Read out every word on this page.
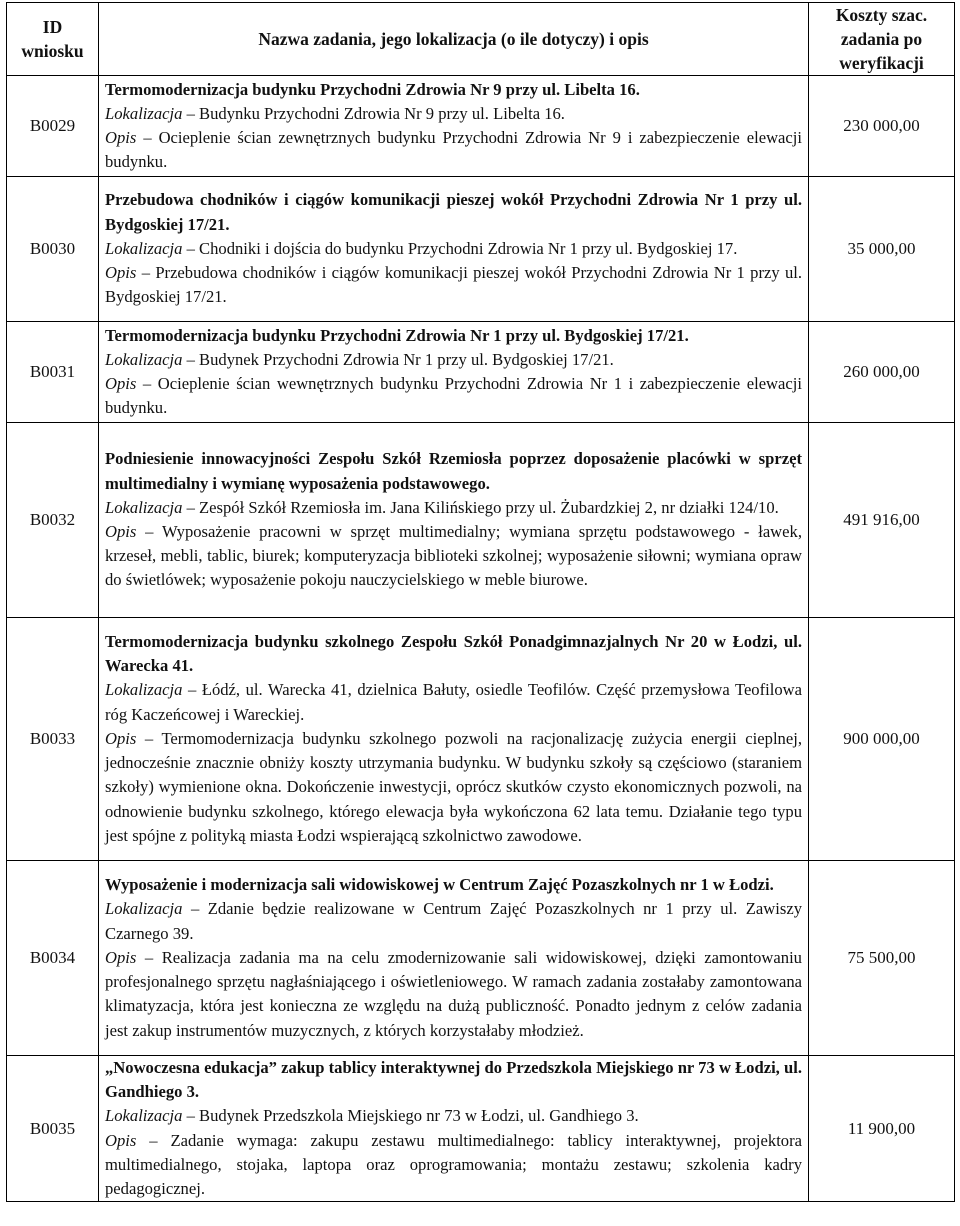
ID wniosku	Nazwa zadania, jego lokalizacja (o ile dotyczy) i opis	Koszty szac. zadania po weryfikacji
B0029	Termomodernizacja budynku Przychodni Zdrowia Nr 9 przy ul. Libelta 16.
Lokalizacja – Budynku Przychodni Zdrowia Nr 9 przy ul. Libelta 16.
Opis – Ocieplenie ścian zewnętrznych budynku Przychodni Zdrowia Nr 9 i zabezpieczenie elewacji budynku.	230 000,00
B0030	Przebudowa chodników i ciągów komunikacji pieszej wokół Przychodni Zdrowia Nr 1 przy ul. Bydgoskiej 17/21.
Lokalizacja – Chodniki i dojścia do budynku Przychodni Zdrowia Nr 1 przy ul. Bydgoskiej 17.
Opis – Przebudowa chodników i ciągów komunikacji pieszej wokół Przychodni Zdrowia Nr 1 przy ul. Bydgoskiej 17/21.	35 000,00
B0031	Termomodernizacja budynku Przychodni Zdrowia Nr 1 przy ul. Bydgoskiej 17/21.
Lokalizacja – Budynek Przychodni Zdrowia Nr 1 przy ul. Bydgoskiej 17/21.
Opis – Ocieplenie ścian wewnętrznych budynku Przychodni Zdrowia Nr 1 i zabezpieczenie elewacji budynku.	260 000,00
B0032	Podniesienie innowacyjności Zespołu Szkół Rzemiosła poprzez doposażenie placówki w sprzęt multimedialny i wymianę wyposażenia podstawowego.
Lokalizacja – Zespół Szkół Rzemiosła im. Jana Kilińskiego przy ul. Żubardzkiej 2, nr działki 124/10.
Opis – Wyposażenie pracowni w sprzęt multimedialny; wymiana sprzętu podstawowego - ławek, krzeseł, mebli, tablic, biurek; komputeryzacja biblioteki szkolnej; wyposażenie siłowni; wymiana opraw do świetlówek; wyposażenie pokoju nauczycielskiego w meble biurowe.	491 916,00
B0033	Termomodernizacja budynku szkolnego Zespołu Szkół Ponadgimnazjalnych Nr 20 w Łodzi, ul. Warecka 41.
Lokalizacja – Łódź, ul. Warecka 41, dzielnica Bałuty, osiedle Teofilów. Część przemysłowa Teofilowa róg Kaczeńcowej i Wareckiej.
Opis – Termomodernizacja budynku szkolnego pozwoli na racjonalizację zużycia energii cieplnej, jednocześnie znacznie obniży koszty utrzymania budynku. W budynku szkoły są częściowo (staraniem szkoły) wymienione okna. Dokończenie inwestycji, oprócz skutków czysto ekonomicznych pozwoli, na odnowienie budynku szkolnego, którego elewacja była wykończona 62 lata temu. Działanie tego typu jest spójne z polityką miasta Łodzi wspierającą szkolnictwo zawodowe.	900 000,00
B0034	Wyposażenie i modernizacja sali widowiskowej w Centrum Zajęć Pozaszkolnych nr 1 w Łodzi.
Lokalizacja – Zdanie będzie realizowane w Centrum Zajęć Pozaszkolnych nr 1 przy ul. Zawiszy Czarnego 39.
Opis – Realizacja zadania ma na celu zmodernizowanie sali widowiskowej, dzięki zamontowaniu profesjonalnego sprzętu nagłaśniającego i oświetleniowego. W ramach zadania zostałaby zamontowana klimatyzacja, która jest konieczna ze względu na dużą publiczność. Ponadto jednym z celów zadania jest zakup instrumentów muzycznych, z których korzystałaby młodzież.	75 500,00
B0035	„Nowoczesna edukacja” zakup tablicy interaktywnej do Przedszkola Miejskiego nr 73 w Łodzi, ul. Gandhiego 3.
Lokalizacja – Budynek Przedszkola Miejskiego nr 73 w Łodzi, ul. Gandhiego 3.
Opis – Zadanie wymaga: zakupu zestawu multimedialnego: tablicy interaktywnej, projektora multimedialnego, stojaka, laptopa oraz oprogramowania; montażu zestawu; szkolenia kadry pedagogicznej.	11 900,00
